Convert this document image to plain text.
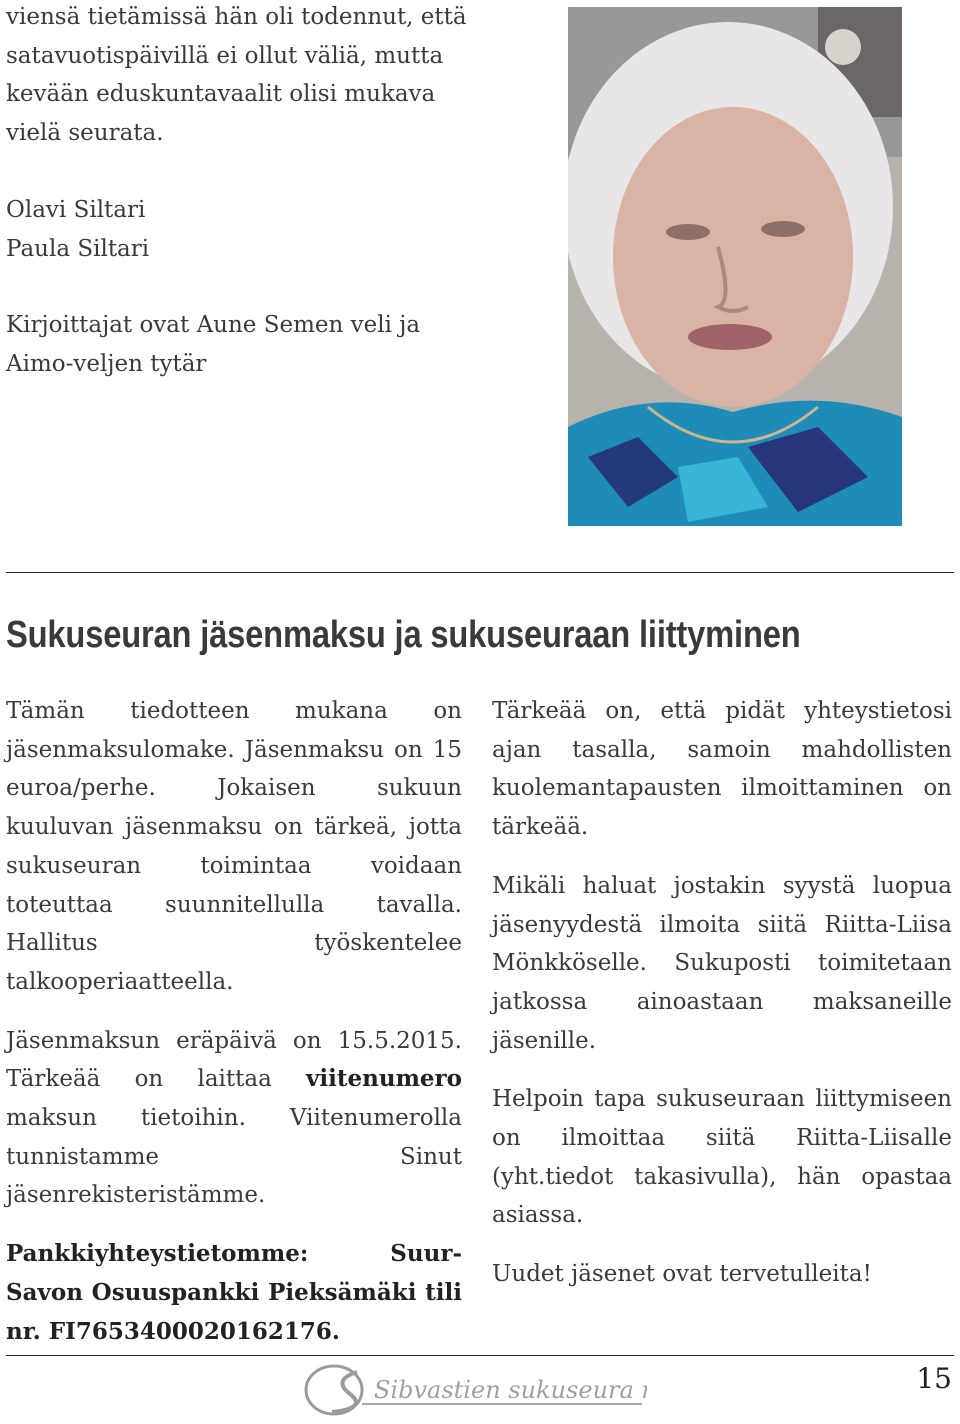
viensä tietämissä hän oli todennut, että

satavuotispäivillä ei ollut väliä, mutta

kevään eduskuntavaalit olisi mukava

vielä seurata.

Olavi Siltari

Paula Siltari

Kirjoittajat ovat Aune Semen veli ja

Aimo-veljen tytär

Sukuseuran jäsenmaksu ja sukuseuraan liittyminen

Tämän tiedotteen mukana on jäsenmaksulomake. Jäsenmaksu on 15 euroa/perhe. Jokaisen sukuun kuuluvan jäsenmaksu on tärkeä, jotta sukuseuran toimintaa voidaan toteuttaa suunnitellulla tavalla. Hallitus työskentelee talkooperiaatteella.

Jäsenmaksun eräpäivä on 15.5.2015. Tärkeää on laittaa viitenumero maksun tietoihin. Viitenumerolla tunnistamme Sinut jäsenrekisteristämme.

Pankkiyhteystietomme: Suur-Savon Osuuspankki Pieksämäki tili nr. FI7653400020162176.

Tärkeää on, että pidät yhteystietosi ajan tasalla, samoin mahdollisten kuolemantapausten ilmoittaminen on tärkeää.

Mikäli haluat jostakin syystä luopua jäsenyydestä ilmoita siitä Riitta-Liisa Mönkköselle. Sukuposti toimitetaan jatkossa ainoastaan maksaneille jäsenille.

Helpoin tapa sukuseuraan liittymiseen on ilmoittaa siitä Riitta-Liisalle (yht.tiedot takasivulla), hän opastaa asiassa.

Uudet jäsenet ovat tervetulleita!

Sibvastien sukuseura ry	15
